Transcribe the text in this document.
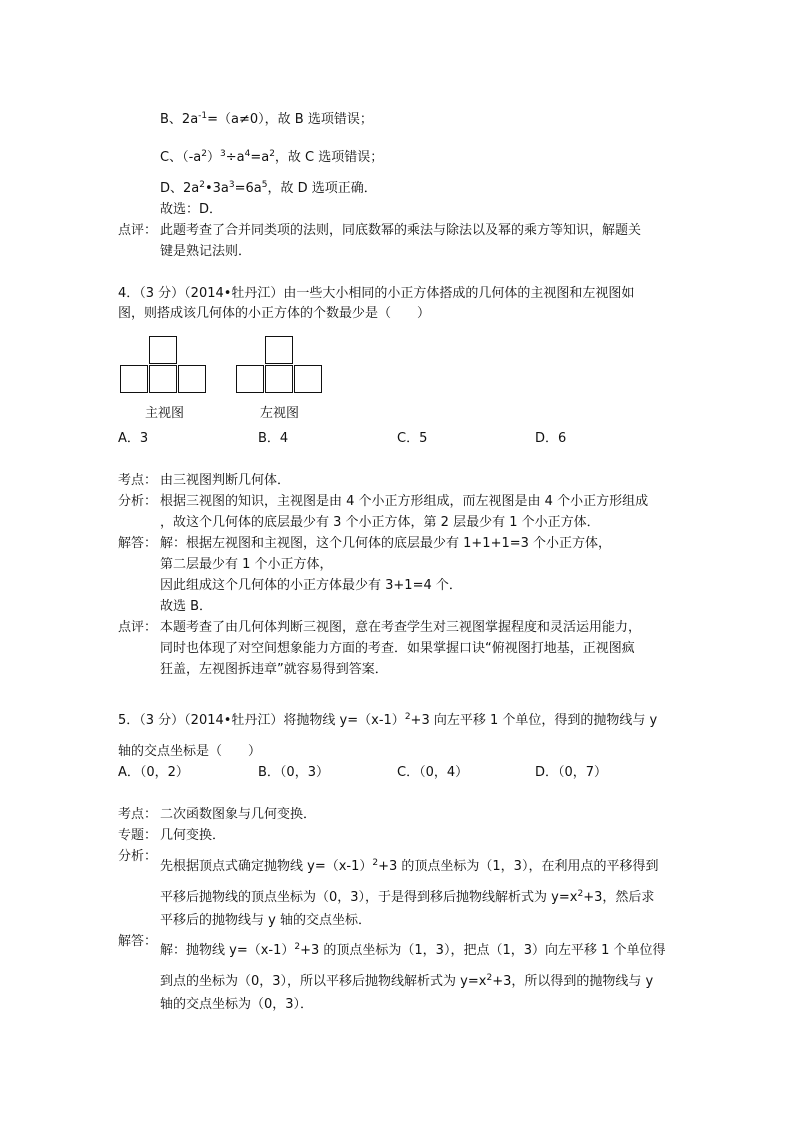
B、$2a^{-1}=(a\ne 0)$，故 B 选项错误；
C、$(-a^2)^3\div a^4=a^2$，故 C 选项错误；
D、$2a^2•3a^3=6a^5$，故 D 选项正确．
故选：D．
点评： 此题考查了合并同类项的法则，同底数幂的乘法与除法以及幂的乘方等知识，解题关
键是熟记法则．
4．（3 分）（2014•牡丹江）由一些大小相同的小正方体搭成的几何体的主视图和左视图如
图，则搭成该几何体的小正方体的个数最少是（　　）
主视图	左视图
A．3	B．4	C．5	D．6
考点： 由三视图判断几何体．
分析： 根据三视图的知识，主视图是由 4 个小正方形组成，而左视图是由 4 个小正方形组成
，故这个几何体的底层最少有 3 个小正方体，第 2 层最少有 1 个小正方体．
解答： 解：根据左视图和主视图，这个几何体的底层最少有 1+1+1=3 个小正方体，
第二层最少有 1 个小正方体，
因此组成这个几何体的小正方体最少有 3+1=4 个．
故选 B．
点评： 本题考查了由几何体判断三视图，意在考查学生对三视图掌握程度和灵活运用能力，
同时也体现了对空间想象能力方面的考查．如果掌握口诀“俯视图打地基，正视图疯
狂盖，左视图拆违章”就容易得到答案．
5．（3 分）（2014•牡丹江）将抛物线 $y=(x-1)^2+3$ 向左平移 1 个单位，得到的抛物线与 y
轴的交点坐标是（　　）
A．（0，2）	B．（0，3）	C．（0，4）	D．（0，7）
考点： 二次函数图象与几何变换．
专题： 几何变换．
分析：
先根据顶点式确定抛物线 $y=(x-1)^2+3$ 的顶点坐标为（1，3），在利用点的平移得到
平移后抛物线的顶点坐标为（0，3），于是得到移后抛物线解析式为 $y=x^2+3$，然后求
平移后的抛物线与 y 轴的交点坐标．
解答：
解：抛物线 $y=(x-1)^2+3$ 的顶点坐标为（1，3），把点（1，3）向左平移 1 个单位得
到点的坐标为（0，3），所以平移后抛物线解析式为 $y=x^2+3$，所以得到的抛物线与 y
轴的交点坐标为（0，3）．
